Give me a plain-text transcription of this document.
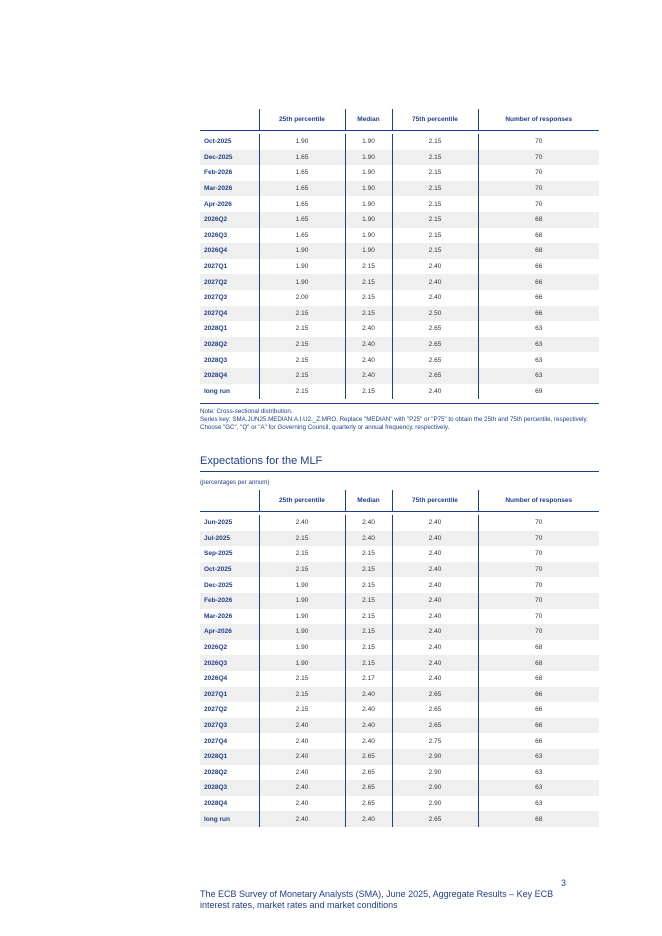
	25th percentile	Median	75th percentile	Number of responses

Oct-2025	1.90	1.90	2.15	70
Dec-2025	1.65	1.90	2.15	70
Feb-2026	1.65	1.90	2.15	70
Mar-2026	1.65	1.90	2.15	70
Apr-2026	1.65	1.90	2.15	70
2026Q2	1.65	1.90	2.15	68
2026Q3	1.65	1.90	2.15	68
2026Q4	1.90	1.90	2.15	68
2027Q1	1.90	2.15	2.40	66
2027Q2	1.90	2.15	2.40	66
2027Q3	2.00	2.15	2.40	66
2027Q4	2.15	2.15	2.50	66
2028Q1	2.15	2.40	2.65	63
2028Q2	2.15	2.40	2.65	63
2028Q3	2.15	2.40	2.65	63
2028Q4	2.15	2.40	2.65	63
long run	2.15	2.15	2.40	69

Note: Cross-sectional distribution.
Series key: SMA.JUN25.MEDIAN.A.I.U2._Z.MRO. Replace "MEDIAN" with "P25" or "P75" to obtain the 25th and 75th percentile, respectively. Choose "GC", "Q" or "A" for Governing Council, quarterly or annual frequency, respectively.
Expectations for the MLF
(percentages per annum)
	25th percentile	Median	75th percentile	Number of responses

Jun-2025	2.40	2.40	2.40	70
Jul-2025	2.15	2.40	2.40	70
Sep-2025	2.15	2.15	2.40	70
Oct-2025	2.15	2.15	2.40	70
Dec-2025	1.90	2.15	2.40	70
Feb-2026	1.90	2.15	2.40	70
Mar-2026	1.90	2.15	2.40	70
Apr-2026	1.90	2.15	2.40	70
2026Q2	1.90	2.15	2.40	68
2026Q3	1.90	2.15	2.40	68
2026Q4	2.15	2.17	2.40	68
2027Q1	2.15	2.40	2.65	66
2027Q2	2.15	2.40	2.65	66
2027Q3	2.40	2.40	2.65	66
2027Q4	2.40	2.40	2.75	66
2028Q1	2.40	2.65	2.90	63
2028Q2	2.40	2.65	2.90	63
2028Q3	2.40	2.65	2.90	63
2028Q4	2.40	2.65	2.90	63
long run	2.40	2.40	2.65	68
3
The ECB Survey of Monetary Analysts (SMA), June 2025, Aggregate Results – Key ECB interest rates, market rates and market conditions
